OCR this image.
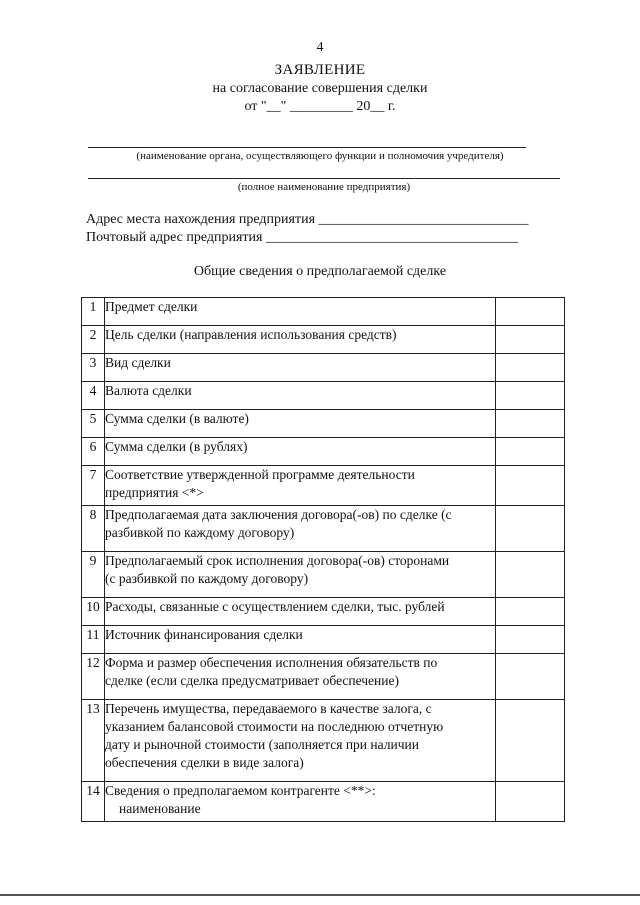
4
ЗАЯВЛЕНИЕ
на согласование совершения сделки
от "__" _________ 20__ г.
(наименование органа, осуществляющего функции и полномочия учредителя)
(полное наименование предприятия)
Адрес места нахождения предприятия ______________________________
Почтовый адрес предприятия ____________________________________
Общие сведения о предполагаемой сделке
1	Предмет сделки	

2	Цель сделки (направления использования средств)	

3	Вид сделки	

4	Валюта сделки	

5	Сумма сделки (в валюте)	

6	Сумма сделки (в рублях)	

7	Соответствие утвержденной программе деятельности
предприятия <*>	

8	Предполагаемая дата заключения договора(-ов) по сделке (с
разбивкой по каждому договору)	

9	Предполагаемый срок исполнения договора(-ов) сторонами
(с разбивкой по каждому договору)	

10	Расходы, связанные с осуществлением сделки, тыс. рублей	

11	Источник финансирования сделки	

12	Форма и размер обеспечения исполнения обязательств по
сделке (если сделка предусматривает обеспечение)	

13	Перечень имущества, передаваемого в качестве залога, с
указанием балансовой стоимости на последнюю отчетную
дату и рыночной стоимости (заполняется при наличии
обеспечения сделки в виде залога)	

14	Сведения о предполагаемом контрагенте <**>:
наименование	
